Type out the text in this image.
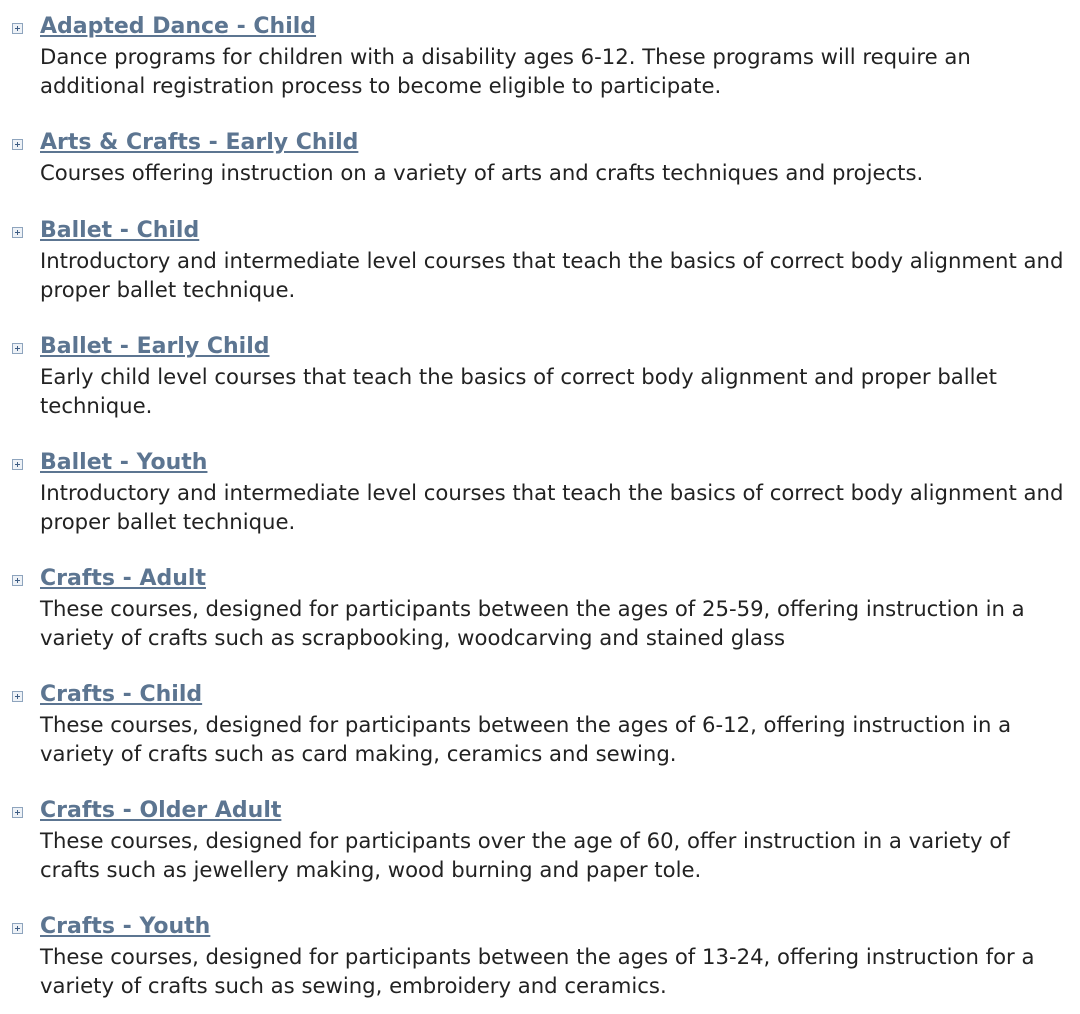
Adapted Dance - Child

Dance programs for children with a disability ages 6-12. These programs will require an additional registration process to become eligible to participate.

Arts & Crafts - Early Child

Courses offering instruction on a variety of arts and crafts techniques and projects.

Ballet - Child

Introductory and intermediate level courses that teach the basics of correct body alignment and proper ballet technique.

Ballet - Early Child

Early child level courses that teach the basics of correct body alignment and proper ballet technique.

Ballet - Youth

Introductory and intermediate level courses that teach the basics of correct body alignment and proper ballet technique.

Crafts - Adult

These courses, designed for participants between the ages of 25-59, offering instruction in a variety of crafts such as scrapbooking, woodcarving and stained glass

Crafts - Child

These courses, designed for participants between the ages of 6-12, offering instruction in a variety of crafts such as card making, ceramics and sewing.

Crafts - Older Adult

These courses, designed for participants over the age of 60, offer instruction in a variety of crafts such as jewellery making, wood burning and paper tole.

Crafts - Youth

These courses, designed for participants between the ages of 13-24, offering instruction for a variety of crafts such as sewing, embroidery and ceramics.
